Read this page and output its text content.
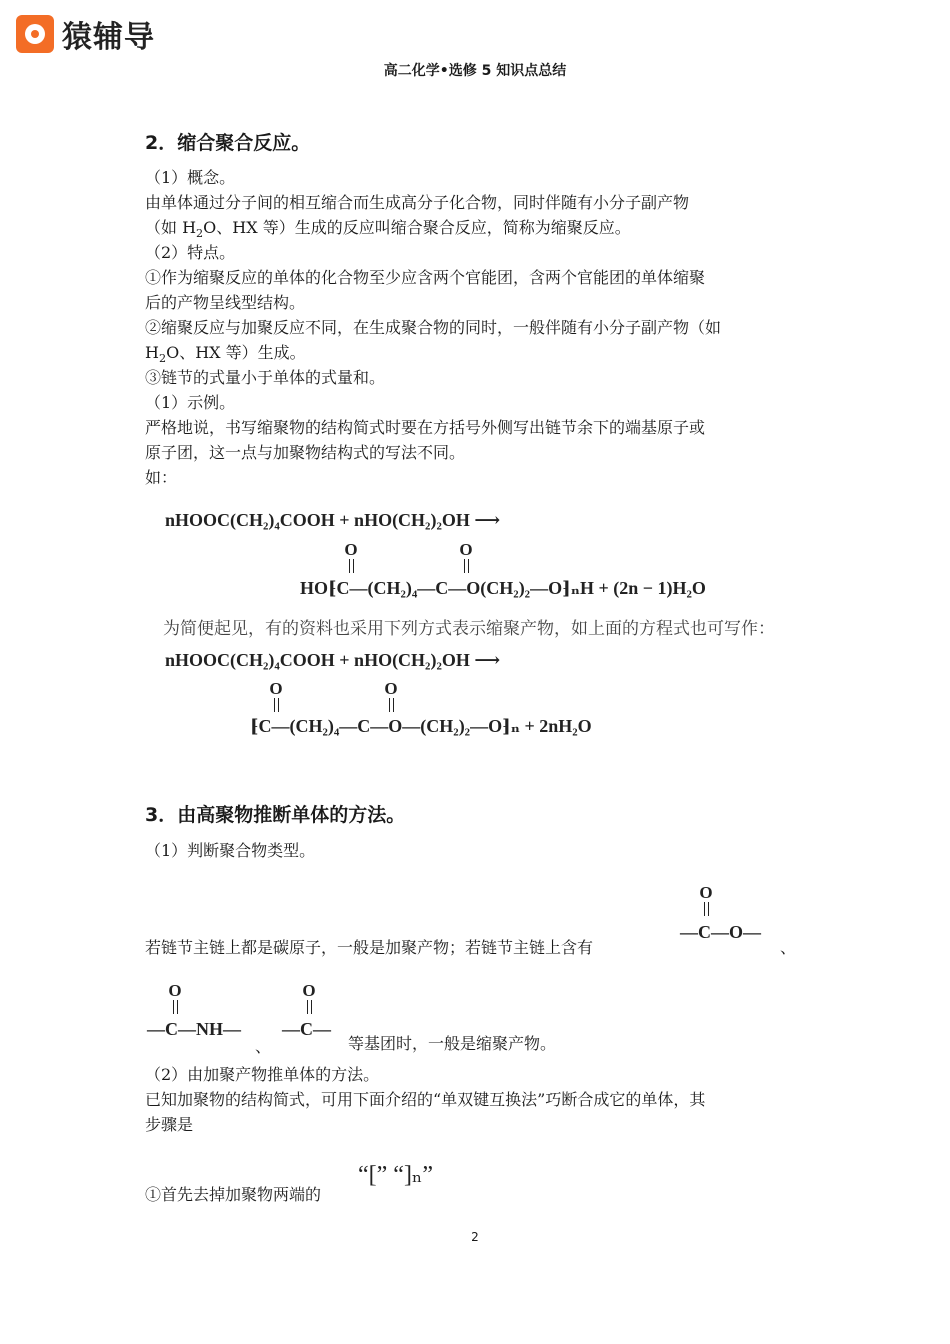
猿辅导
高二化学•选修 5 知识点总结
2．缩合聚合反应。
（1）概念。
由单体通过分子间的相互缩合而生成高分子化合物，同时伴随有小分子副产物
（如 $H_2O$、HX 等）生成的反应叫缩合聚合反应，简称为缩聚反应。
（2）特点。
①作为缩聚反应的单体的化合物至少应含两个官能团，含两个官能团的单体缩聚
后的产物呈线型结构。
②缩聚反应与加聚反应不同，在生成聚合物的同时，一般伴随有小分子副产物（如
$H_2O$、HX 等）生成。
③链节的式量小于单体的式量和。
（1）示例。
严格地说，书写缩聚物的结构简式时要在方括号外侧写出链节余下的端基原子或
原子团，这一点与加聚物结构式的写法不同。
如：
nHOOC(CH₂)₄COOH + nHO(CH₂)₂OH ⟶
O	O
HO⁅C—(CH₂)₄—C—O(CH₂)₂—O⁆ₙH + (2n − 1)H₂O
为简便起见，有的资料也采用下列方式表示缩聚产物，如上面的方程式也可写作：
nHOOC(CH₂)₄COOH + nHO(CH₂)₂OH ⟶
O	O
⁅C—(CH₂)₄—C—O—(CH₂)₂—O⁆ₙ + 2nH₂O
3．由高聚物推断单体的方法。
（1）判断聚合物类型。
若链节主链上都是碳原子，一般是加聚产物；若链节主链上含有
O
—C—O—
、
O
—C—NH—
、
O
—C—
等基团时，一般是缩聚产物。
（2）由加聚产物推单体的方法。
已知加聚物的结构简式，可用下面介绍的“单双键互换法”巧断合成它的单体，其
步骤是
①首先去掉加聚物两端的
“[” “]ₙ”
2
